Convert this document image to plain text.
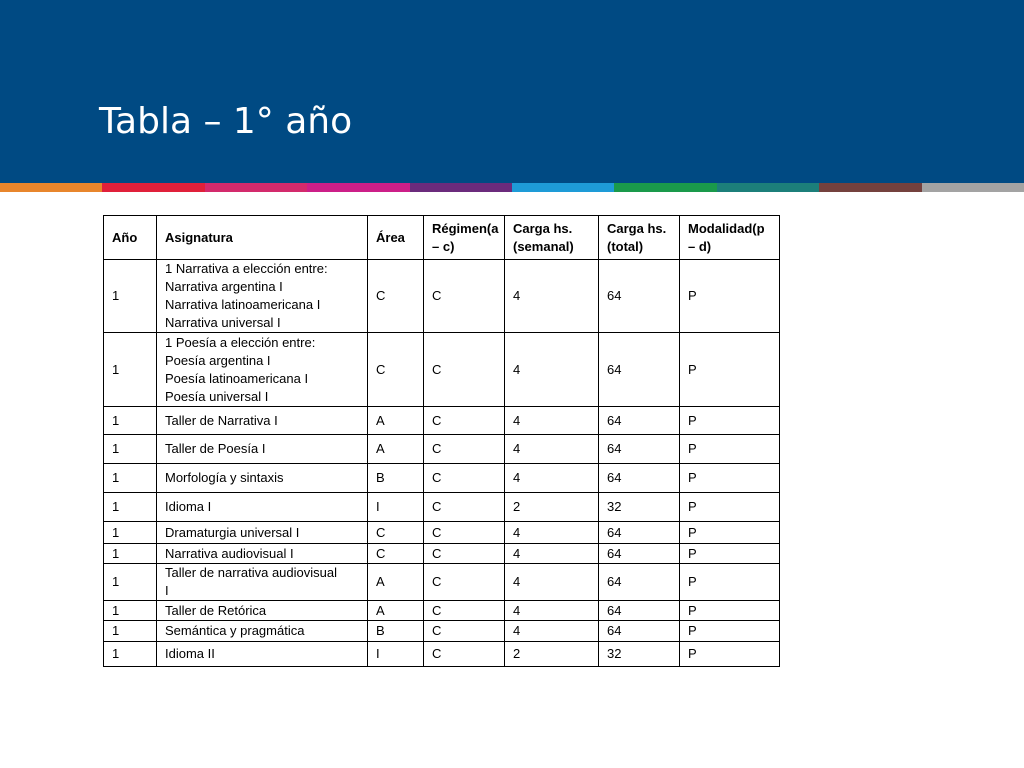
Tabla – 1° año
Año	Asignatura	Área	Régimen(a – c)	Carga hs.(semanal)	Carga hs.(total)	Modalidad(p – d)
1	1 Narrativa a elección entre:
Narrativa argentina I
Narrativa latinoamericana I
Narrativa universal I	C	C	4	64	P
1	1 Poesía a elección entre:
Poesía argentina I
Poesía latinoamericana I
Poesía universal I	C	C	4	64	P
1	Taller de Narrativa I	A	C	4	64	P
1	Taller de Poesía I	A	C	4	64	P
1	Morfología y sintaxis	B	C	4	64	P
1	Idioma I	I	C	2	32	P
1	Dramaturgia universal I	C	C	4	64	P
1	Narrativa audiovisual I	C	C	4	64	P
1	Taller de narrativa audiovisual
I	A	C	4	64	P
1	Taller de Retórica	A	C	4	64	P
1	Semántica y pragmática	B	C	4	64	P
1	Idioma II	I	C	2	32	P
